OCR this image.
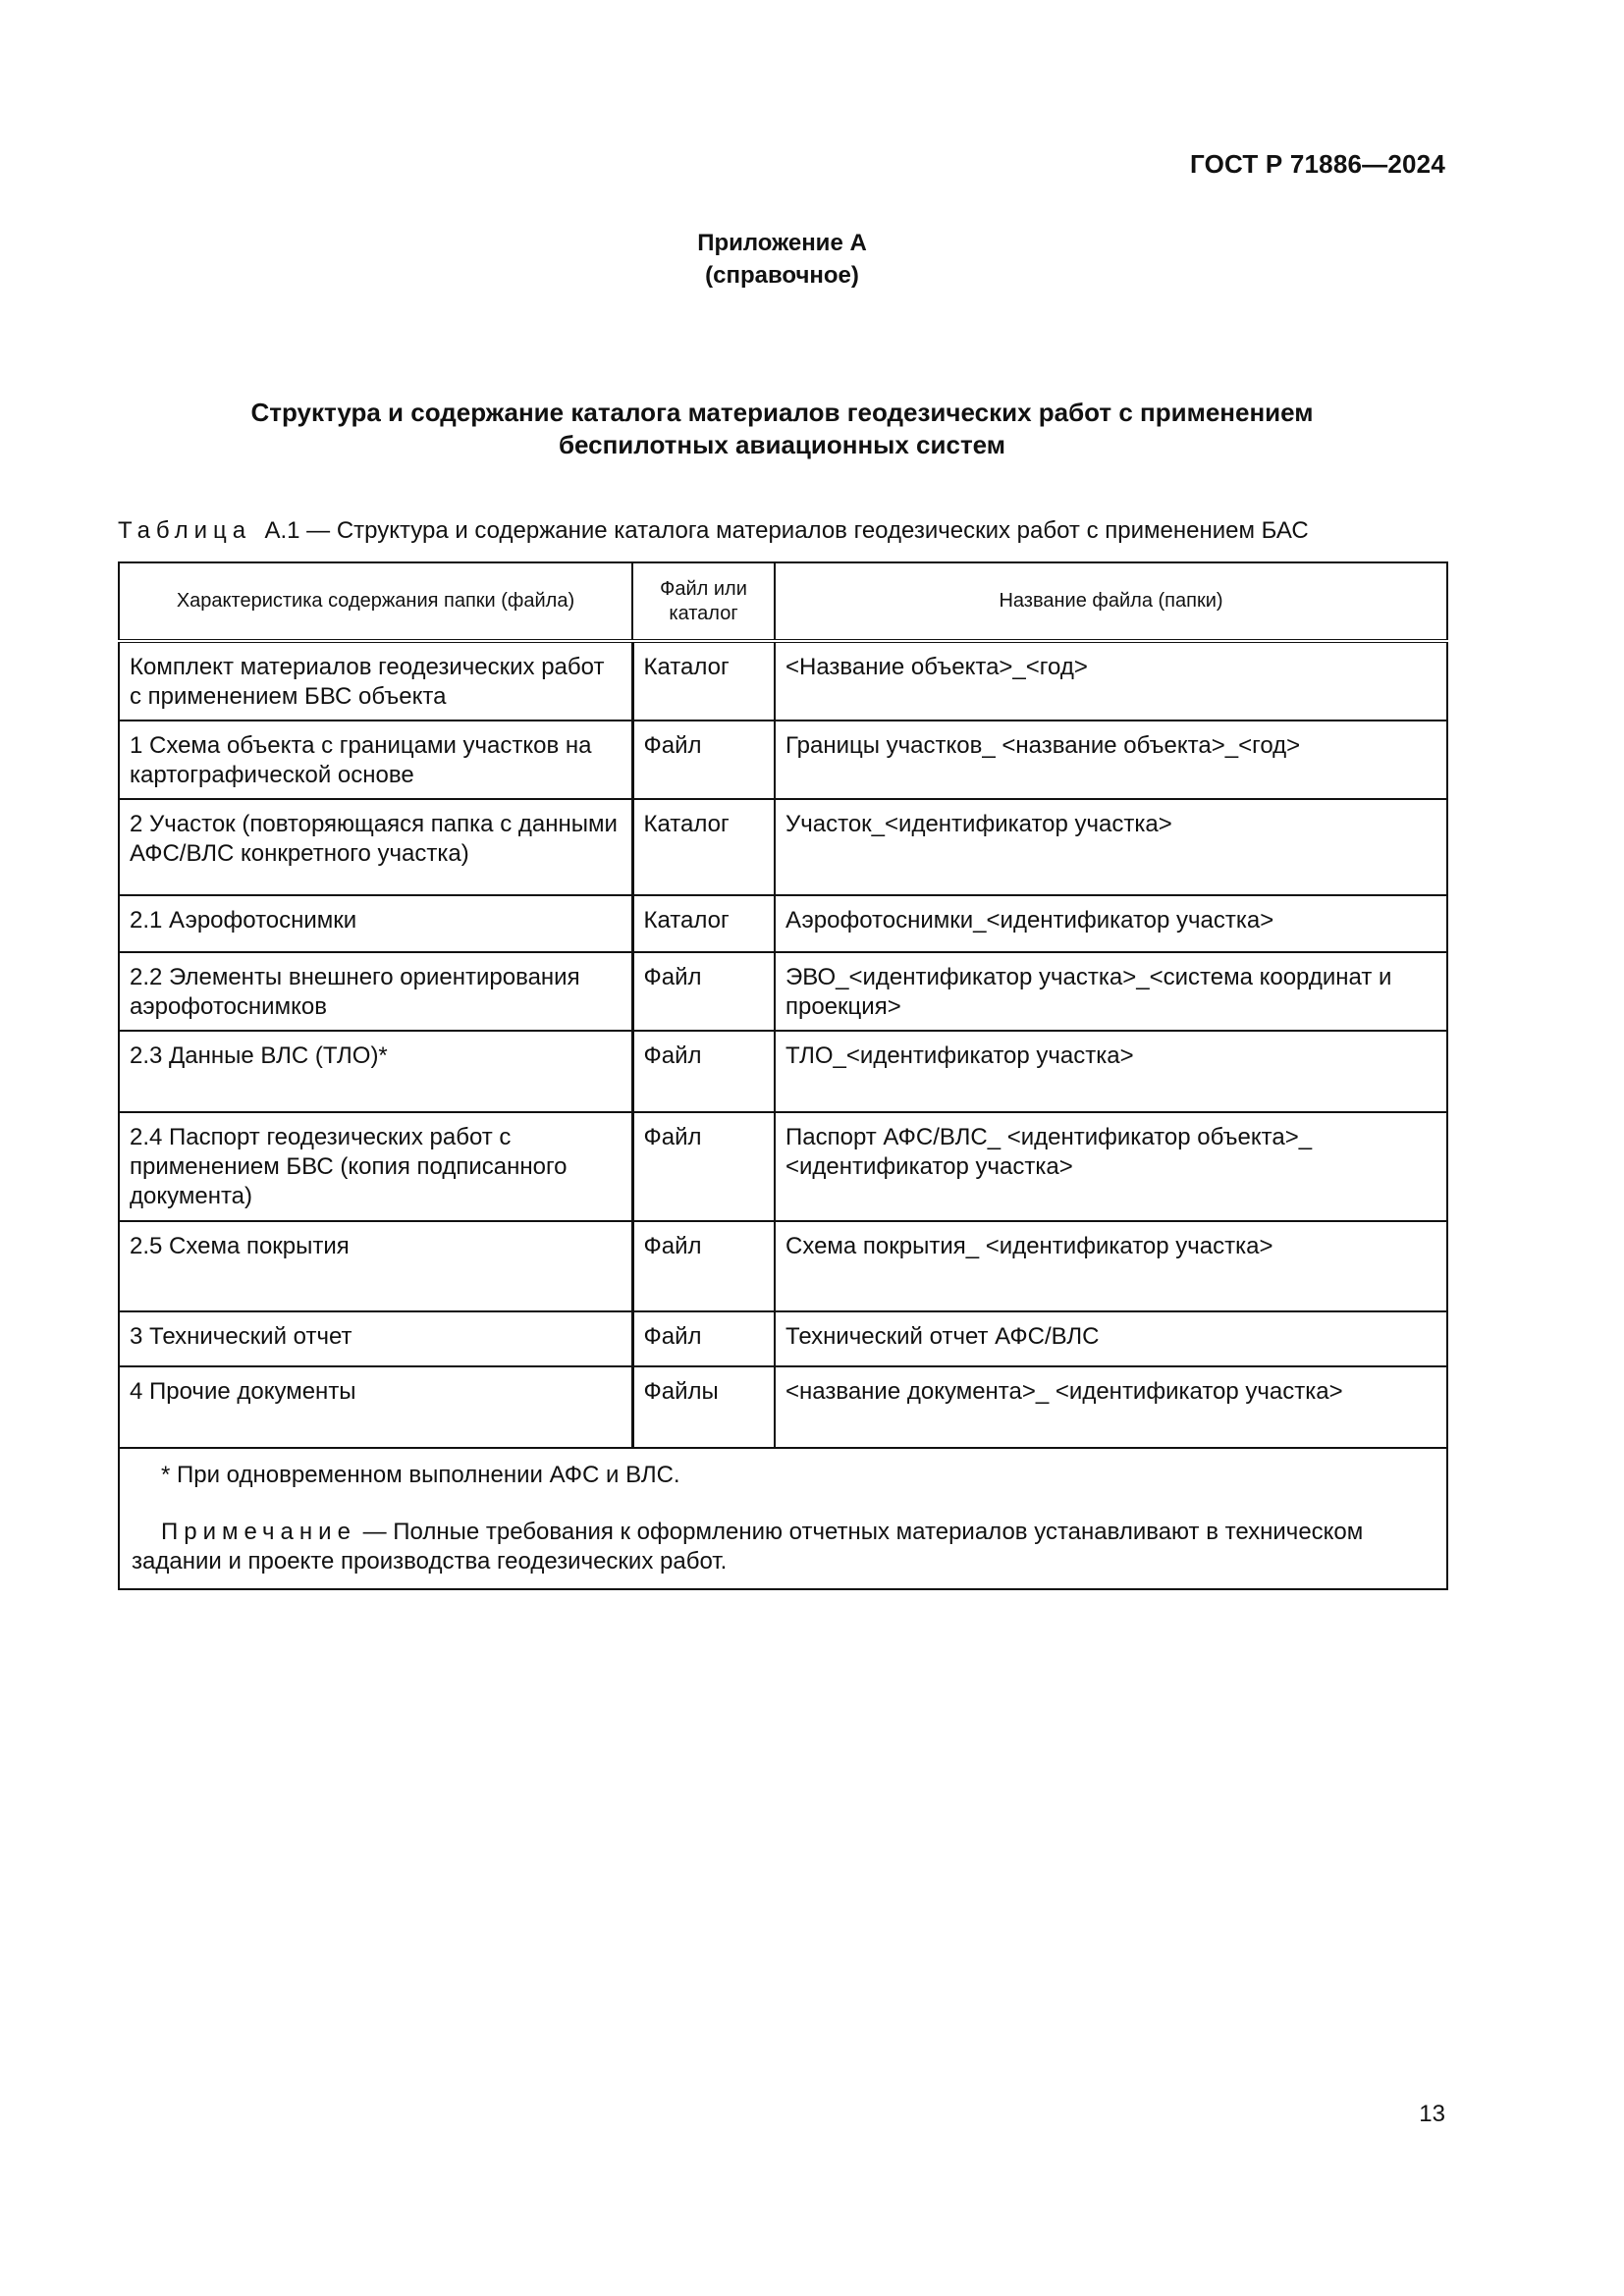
ГОСТ Р 71886—2024
Приложение А
(справочное)
Структура и содержание каталога материалов геодезических работ с применением
беспилотных авиационных систем
Таблица А.1 — Структура и содержание каталога материалов геодезических работ с применением БАС
Характеристика содержания папки (файла)	Файл или каталог	Название файла (папки)
Комплект материалов геодезических работ с применением БВС объекта	Каталог	<Название объекта>_<год>
1 Схема объекта с границами участков на картографической основе	Файл	Границы участков_ <название объекта>_<год>
2 Участок (повторяющаяся папка с данными АФС/ВЛС конкретного участка)	Каталог	Участок_<идентификатор участка>
2.1 Аэрофотоснимки	Каталог	Аэрофотоснимки_<идентификатор участка>
2.2 Элементы внешнего ориентирования аэрофотоснимков	Файл	ЭВО_<идентификатор участка>_<система координат и проекция>
2.3 Данные ВЛС (ТЛО)*	Файл	ТЛО_<идентификатор участка>
2.4 Паспорт геодезических работ с применением БВС (копия подписанного документа)	Файл	Паспорт АФС/ВЛС_ <идентификатор объекта>_ <идентификатор участка>
2.5 Схема покрытия	Файл	Схема покрытия_ <идентификатор участка>
3 Технический отчет	Файл	Технический отчет АФС/ВЛС
4 Прочие документы	Файлы	<название документа>_ <идентификатор участка>

* При одновременном выполнении АФС и ВЛС.
Примечание — Полные требования к оформлению отчетных материалов устанавливают в техническом задании и проекте производства геодезических работ.		
13
